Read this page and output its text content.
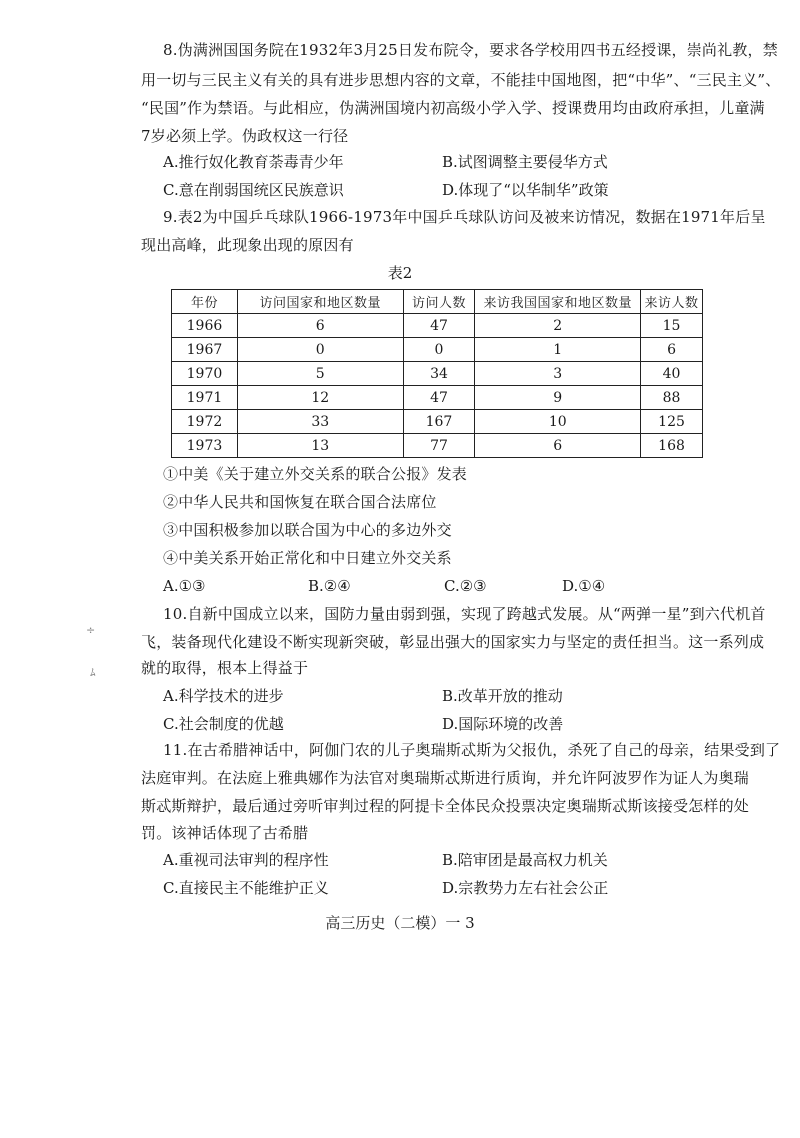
8.伪满洲国国务院在1932年3月25日发布院令，要求各学校用四书五经授课，崇尚礼教，禁
用一切与三民主义有关的具有进步思想内容的文章，不能挂中国地图，把“中华”、“三民主义”、
“民国”作为禁语。与此相应，伪满洲国境内初高级小学入学、授课费用均由政府承担，儿童满
7岁必须上学。伪政权这一行径
A.推行奴化教育荼毒青少年	B.试图调整主要侵华方式
C.意在削弱国统区民族意识	D.体现了“以华制华”政策
9.表2为中国乒乓球队1966-1973年中国乒乓球队访问及被来访情况，数据在1971年后呈
现出高峰，此现象出现的原因有
表2
年份	访问国家和地区数量	访问人数	来访我国国家和地区数量	来访人数
1966	6	47	2	15
1967	0	0	1	6
1970	5	34	3	40
1971	12	47	9	88
1972	33	167	10	125
1973	13	77	6	168
①中美《关于建立外交关系的联合公报》发表
②中华人民共和国恢复在联合国合法席位
③中国积极参加以联合国为中心的多边外交
④中美关系开始正常化和中日建立外交关系
A.①③	B.②④	C.②③	D.①④
10.自新中国成立以来，国防力量由弱到强，实现了跨越式发展。从“两弹一星”到六代机首
飞，装备现代化建设不断实现新突破，彰显出强大的国家实力与坚定的责任担当。这一系列成
就的取得，根本上得益于
A.科学技术的进步	B.改革开放的推动
C.社会制度的优越	D.国际环境的改善
11.在古希腊神话中，阿伽门农的儿子奥瑞斯忒斯为父报仇，杀死了自己的母亲，结果受到了
法庭审判。在法庭上雅典娜作为法官对奥瑞斯忒斯进行质询，并允许阿波罗作为证人为奥瑞
斯忒斯辩护，最后通过旁听审判过程的阿提卡全体民众投票决定奥瑞斯忒斯该接受怎样的处
罚。该神话体现了古希腊
A.重视司法审判的程序性	B.陪审团是最高权力机关
C.直接民主不能维护正义	D.宗教势力左右社会公正
高三历史（二模）一 3
÷
ﾑ
